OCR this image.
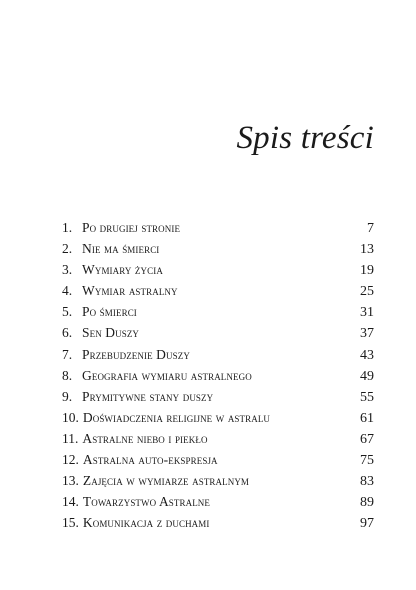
Spis treści
1. Po drugiej stronie	7
2. Nie ma śmierci	13
3. Wymiary życia	19
4. Wymiar astralny	25
5. Po śmierci	31
6. Sen Duszy	37
7. Przebudzenie Duszy	43
8. Geografia wymiaru astralnego	49
9. Prymitywne stany duszy	55
10. Doświadczenia religijne w astralu	61
11. Astralne niebo i piekło	67
12. Astralna auto-ekspresja	75
13. Zajęcia w wymiarze astralnym	83
14. Towarzystwo Astralne	89
15. Komunikacja z duchami	97
